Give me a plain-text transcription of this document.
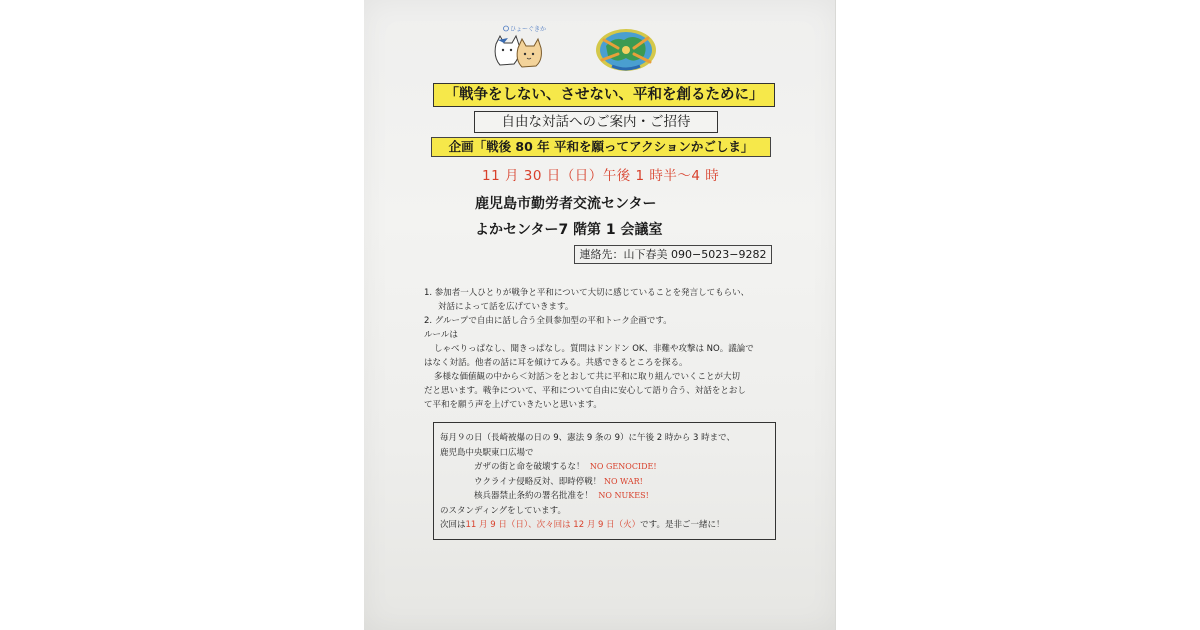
ひょーぐきか
「戦争をしない、させない、平和を創るために」
自由な対話へのご案内・ご招待
企画「戦後 80 年 平和を願ってアクションかごしま」
11 月 30 日（日）午後 1 時半〜4 時
鹿児島市勤労者交流センター
よかセンター7 階第 1 会議室
連絡先：山下春美 090−5023−9282

1. 参加者一人ひとりが戦争と平和について大切に感じていることを発言してもらい、

対話によって話を広げていきます。

2. グループで自由に話し合う全員参加型の平和トーク企画です。

ルールは

しゃべりっぱなし、聞きっぱなし。質問はドンドン OK、非難や攻撃は NO。議論で

はなく対話。他者の話に耳を傾けてみる。共感できるところを探る。

多様な価値観の中から＜対話＞をとおして共に平和に取り組んでいくことが大切

だと思います。戦争について、平和について自由に安心して語り合う、対話をとおし

て平和を願う声を上げていきたいと思います。

毎月９の日（長崎被爆の日の 9、憲法 9 条の 9）に午後 2 時から 3 時まで、
鹿児島中央駅東口広場で
ガザの街と命を破壊するな！ NO GENOCIDE!
ウクライナ侵略反対、即時停戦！ NO WAR!
核兵器禁止条約の署名批准を！ NO NUKES!
のスタンディングをしています。
次回は11 月 9 日（日）、次々回は 12 月 9 日（火）です。是非ご一緒に！
